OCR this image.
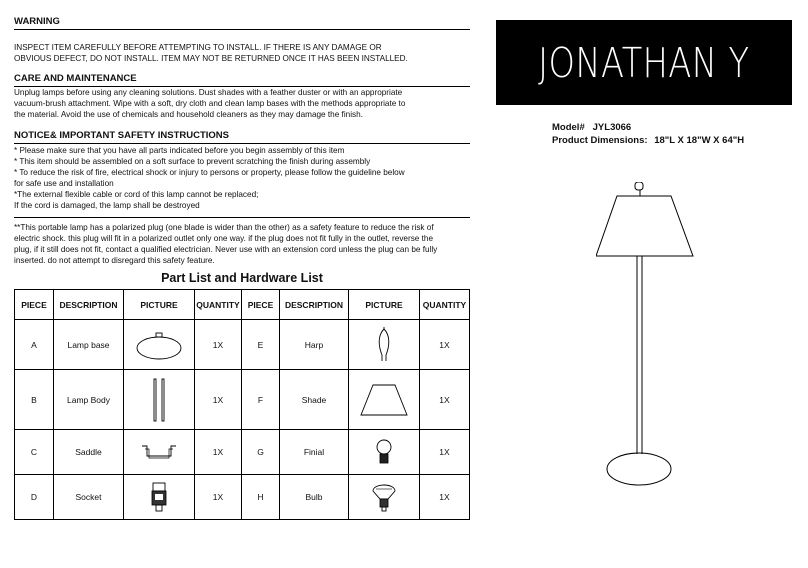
WARNING
INSPECT ITEM CAREFULLY BEFORE ATTEMPTING TO INSTALL. IF THERE IS ANY DAMAGE OR
OBVIOUS DEFECT, DO NOT INSTALL. ITEM MAY NOT BE RETURNED ONCE IT HAS BEEN INSTALLED.
CARE AND MAINTENANCE
Unplug lamps before using any cleaning solutions. Dust shades with a feather duster or with an appropriate
vacuum-brush attachment. Wipe with a soft, dry cloth and clean lamp bases with the methods appropriate to
the material. Avoid the use of chemicals and household cleaners as they may damage the finish.
NOTICE& IMPORTANT SAFETY INSTRUCTIONS
* Please make sure that you have all parts indicated before you begin assembly of this item
* This item should be assembled on a soft surface to prevent scratching the finish during assembly
* To reduce the risk of fire, electrical shock or injury to persons or property, please follow the guideline below
for safe use and installation
*The external flexible cable or cord of this lamp cannot be replaced;
If the cord is damaged, the lamp shall be destroyed
**This portable lamp has a polarized plug (one blade is wider than the other) as a safety feature to reduce the risk of
electric shock. this plug will fit in a polarized outlet only one way. if the plug does not fit fully in the outlet, reverse the
plug, if it still does not fit, contact a qualified electrician. Never use with an extension cord unless the plug can be fully
inserted. do not attempt to disregard this safety feature.
JONATHAN Y
Model# JYL3066
Product Dimensions: 18"L X 18"W X 64"H
Part List and Hardware List
PIECE	DESCRIPTION	PICTURE	QUANTITY	PIECE	DESCRIPTION	PICTURE	QUANTITY
A	Lamp base		1X	E	Harp		1X
B	Lamp Body		1X	F	Shade		1X
C	Saddle		1X	G	Finial		1X
D	Socket		1X	H	Bulb		1X
